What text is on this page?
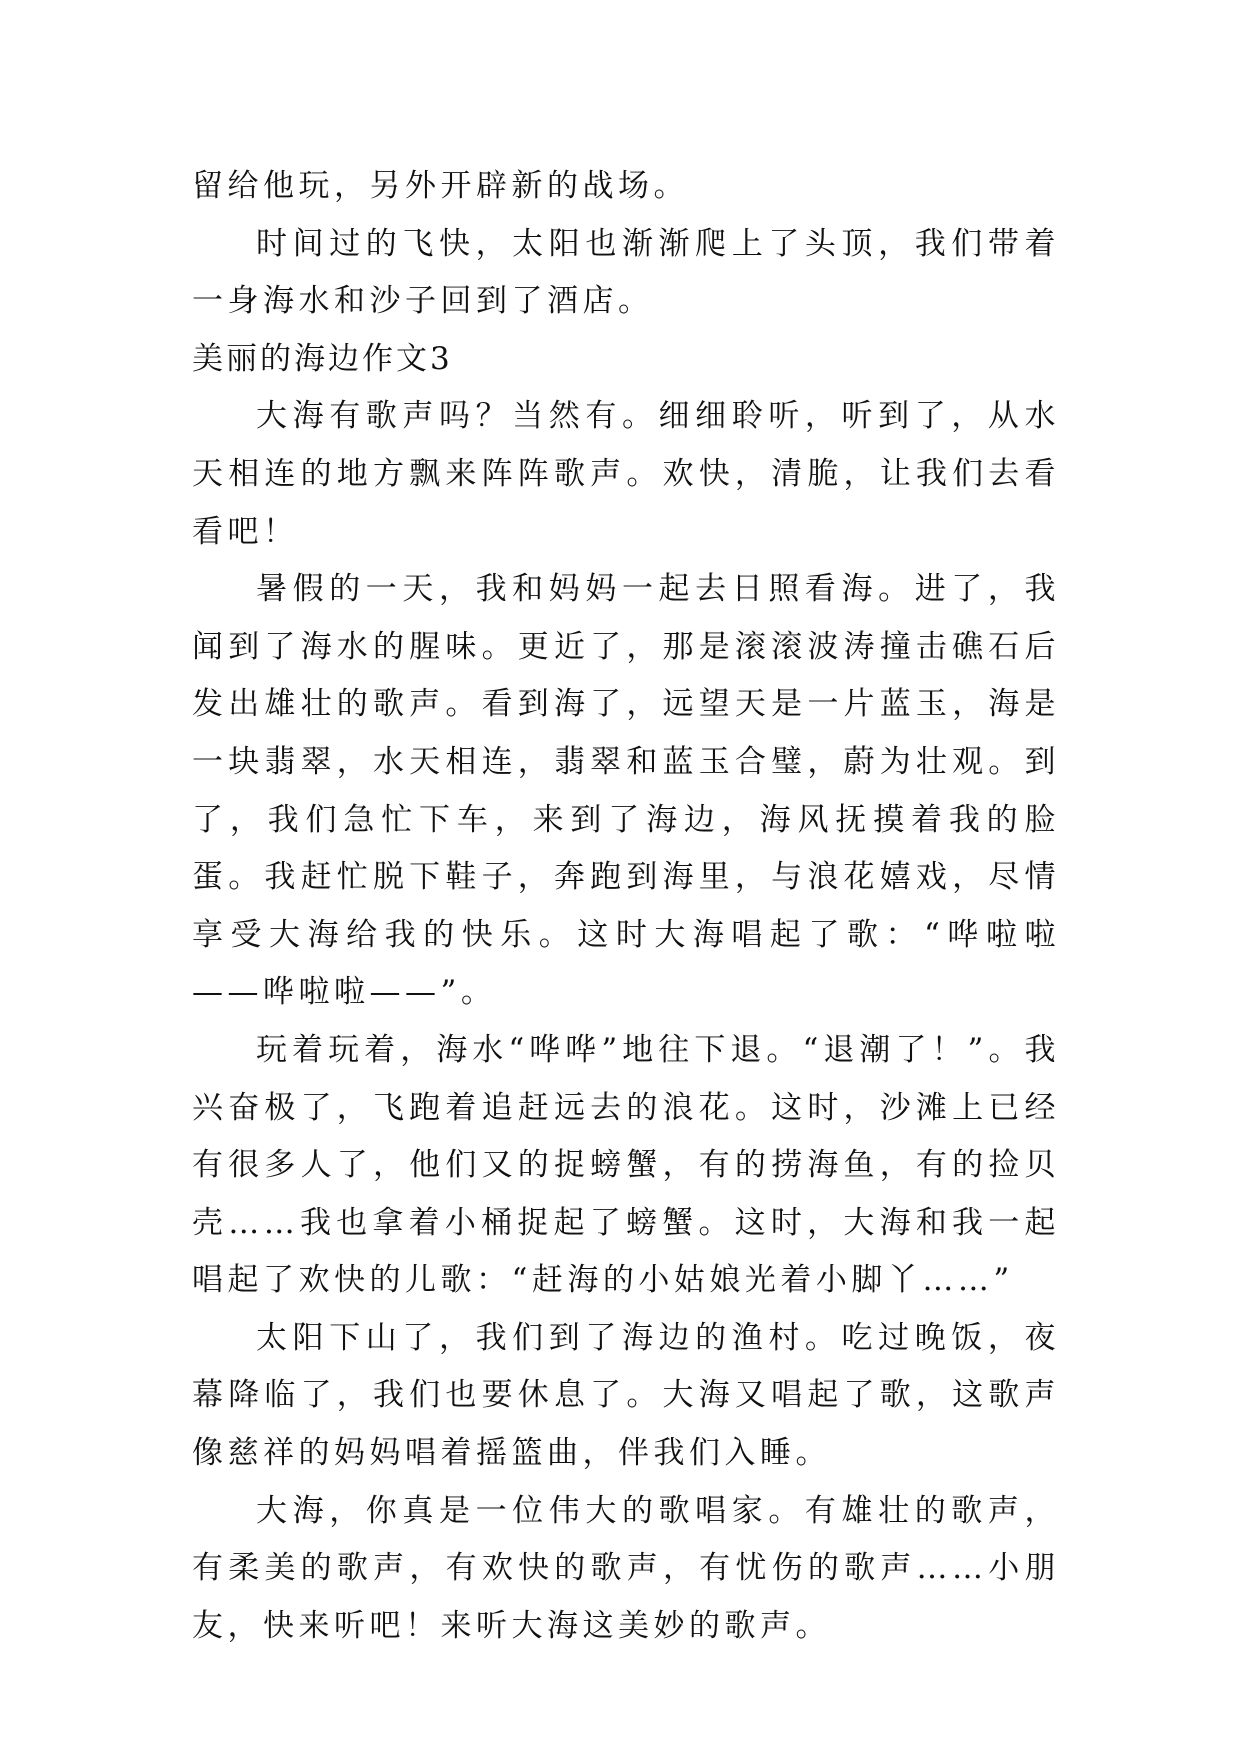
留给他玩，另外开辟新的战场。

时间过的飞快，太阳也渐渐爬上了头顶，我们带着一身海水和沙子回到了酒店。

美丽的海边作文3

大海有歌声吗？当然有。细细聆听，听到了，从水天相连的地方飘来阵阵歌声。欢快，清脆，让我们去看看吧！

暑假的一天，我和妈妈一起去日照看海。进了，我闻到了海水的腥味。更近了，那是滚滚波涛撞击礁石后发出雄壮的歌声。看到海了，远望天是一片蓝玉，海是一块翡翠，水天相连，翡翠和蓝玉合璧，蔚为壮观。到了，我们急忙下车，来到了海边，海风抚摸着我的脸蛋。我赶忙脱下鞋子，奔跑到海里，与浪花嬉戏，尽情享受大海给我的快乐。这时大海唱起了歌：“哗啦啦——哗啦啦——”。

玩着玩着，海水“哗哗”地往下退。“退潮了！”。我兴奋极了，飞跑着追赶远去的浪花。这时，沙滩上已经有很多人了，他们又的捉螃蟹，有的捞海鱼，有的捡贝壳……我也拿着小桶捉起了螃蟹。这时，大海和我一起唱起了欢快的儿歌：“赶海的小姑娘光着小脚丫……”

太阳下山了，我们到了海边的渔村。吃过晚饭，夜幕降临了，我们也要休息了。大海又唱起了歌，这歌声像慈祥的妈妈唱着摇篮曲，伴我们入睡。

大海，你真是一位伟大的歌唱家。有雄壮的歌声，有柔美的歌声，有欢快的歌声，有忧伤的歌声……小朋友，快来听吧！来听大海这美妙的歌声。
